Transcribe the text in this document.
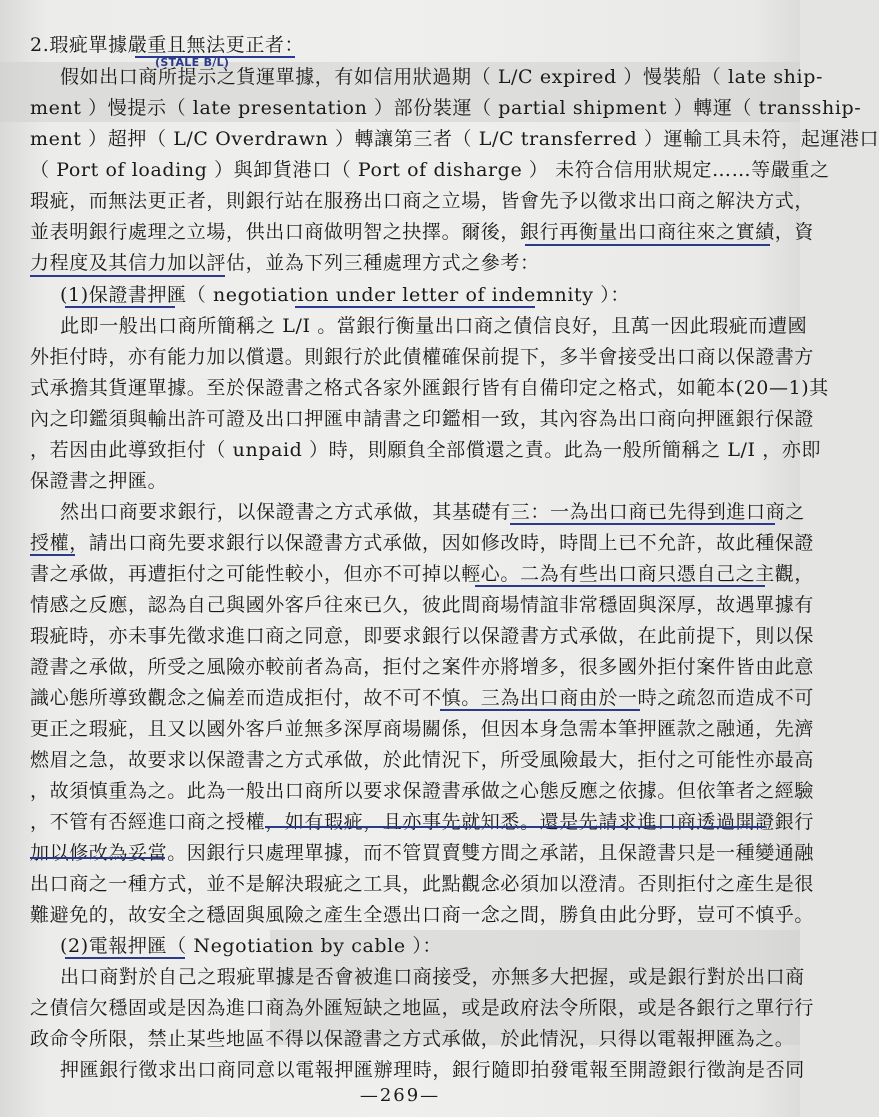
(STALE B/L)
2.瑕疵單據嚴重且無法更正者：
假如出口商所提示之貨運單據，有如信用狀過期（ L/C expired ）慢裝船（ late ship-
ment ）慢提示（ late presentation ）部份裝運（ partial shipment ）轉運（ transship-
ment ）超押（ L/C Overdrawn ）轉讓第三者（ L/C transferred ）運輸工具未符，起運港口
（ Port of loading ）與卸貨港口（ Port of disharge ） 未符合信用狀規定……等嚴重之
瑕疵，而無法更正者，則銀行站在服務出口商之立場，皆會先予以徵求出口商之解決方式，
並表明銀行處理之立場，供出口商做明智之抉擇。爾後，銀行再衡量出口商往來之實績，資
力程度及其信力加以評估，並為下列三種處理方式之參考：
(1)保證書押匯（ negotiation under letter of indemnity ）：
此即一般出口商所簡稱之 L/I 。當銀行衡量出口商之債信良好，且萬一因此瑕疵而遭國
外拒付時，亦有能力加以償還。則銀行於此債權確保前提下，多半會接受出口商以保證書方
式承擔其貨運單據。至於保證書之格式各家外匯銀行皆有自備印定之格式，如範本(20—1)其
內之印鑑須與輸出許可證及出口押匯申請書之印鑑相一致，其內容為出口商向押匯銀行保證
，若因由此導致拒付（ unpaid ）時，則願負全部償還之責。此為一般所簡稱之 L/I ，亦即
保證書之押匯。
然出口商要求銀行，以保證書之方式承做，其基礎有三：一為出口商已先得到進口商之
授權，請出口商先要求銀行以保證書方式承做，因如修改時，時間上已不允許，故此種保證
書之承做，再遭拒付之可能性較小，但亦不可掉以輕心。二為有些出口商只憑自己之主觀，
情感之反應，認為自己與國外客戶往來已久，彼此間商場情誼非常穩固與深厚，故遇單據有
瑕疵時，亦未事先徵求進口商之同意，即要求銀行以保證書方式承做，在此前提下，則以保
證書之承做，所受之風險亦較前者為高，拒付之案件亦將增多，很多國外拒付案件皆由此意
識心態所導致觀念之偏差而造成拒付，故不可不慎。三為出口商由於一時之疏忽而造成不可
更正之瑕疵，且又以國外客戶並無多深厚商場關係，但因本身急需本筆押匯款之融通，先濟
燃眉之急，故要求以保證書之方式承做，於此情況下，所受風險最大，拒付之可能性亦最高
，故須慎重為之。此為一般出口商所以要求保證書承做之心態反應之依據。但依筆者之經驗
，不管有否經進口商之授權，如有瑕疵，且亦事先就知悉。還是先請求進口商透過開證銀行
加以修改為妥當。因銀行只處理單據，而不管買賣雙方間之承諾，且保證書只是一種變通融
出口商之一種方式，並不是解決瑕疵之工具，此點觀念必須加以澄清。否則拒付之產生是很
難避免的，故安全之穩固與風險之產生全憑出口商一念之間，勝負由此分野，豈可不慎乎。
(2)電報押匯（ Negotiation by cable ）：
出口商對於自己之瑕疵單據是否會被進口商接受，亦無多大把握，或是銀行對於出口商
之債信欠穩固或是因為進口商為外匯短缺之地區，或是政府法令所限，或是各銀行之單行行
政命令所限，禁止某些地區不得以保證書之方式承做，於此情況，只得以電報押匯為之。
押匯銀行徵求出口商同意以電報押匯辦理時，銀行隨即拍發電報至開證銀行徵詢是否同
—269—
